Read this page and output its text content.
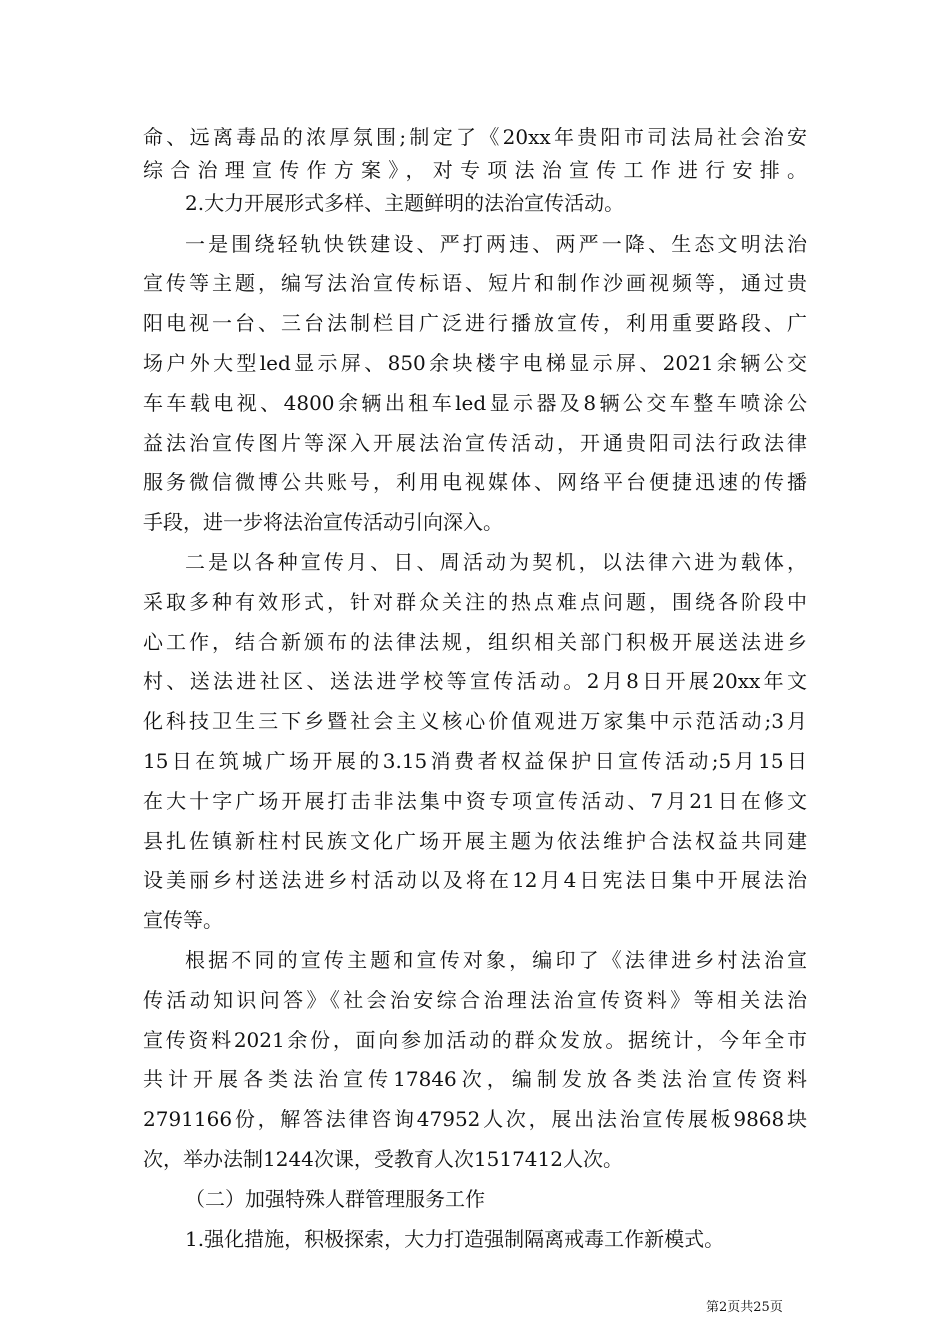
命、远离毒品的浓厚氛围;制定了《20xx年贵阳市司法局社会治安
综合治理宣传作方案》，对专项法治宣传工作进行安排。
2.大力开展形式多样、主题鲜明的法治宣传活动。
一是围绕轻轨快铁建设、严打两违、两严一降、生态文明法治
宣传等主题，编写法治宣传标语、短片和制作沙画视频等，通过贵
阳电视一台、三台法制栏目广泛进行播放宣传，利用重要路段、广
场户外大型led显示屏、850余块楼宇电梯显示屏、2021余辆公交
车车载电视、4800余辆出租车led显示器及8辆公交车整车喷涂公
益法治宣传图片等深入开展法治宣传活动，开通贵阳司法行政法律
服务微信微博公共账号，利用电视媒体、网络平台便捷迅速的传播
手段，进一步将法治宣传活动引向深入。
二是以各种宣传月、日、周活动为契机，以法律六进为载体，
采取多种有效形式，针对群众关注的热点难点问题，围绕各阶段中
心工作，结合新颁布的法律法规，组织相关部门积极开展送法进乡
村、送法进社区、送法进学校等宣传活动。2月8日开展20xx年文
化科技卫生三下乡暨社会主义核心价值观进万家集中示范活动;3月
15日在筑城广场开展的3.15消费者权益保护日宣传活动;5月15日
在大十字广场开展打击非法集中资专项宣传活动、7月21日在修文
县扎佐镇新柱村民族文化广场开展主题为依法维护合法权益共同建
设美丽乡村送法进乡村活动以及将在12月4日宪法日集中开展法治
宣传等。
根据不同的宣传主题和宣传对象，编印了《法律进乡村法治宣
传活动知识问答》《社会治安综合治理法治宣传资料》等相关法治
宣传资料2021余份，面向参加活动的群众发放。据统计，今年全市
共计开展各类法治宣传17846次，编制发放各类法治宣传资料
2791166份，解答法律咨询47952人次，展出法治宣传展板9868块
次，举办法制1244次课，受教育人次1517412人次。
（二）加强特殊人群管理服务工作
1.强化措施，积极探索，大力打造强制隔离戒毒工作新模式。
第2页共25页
